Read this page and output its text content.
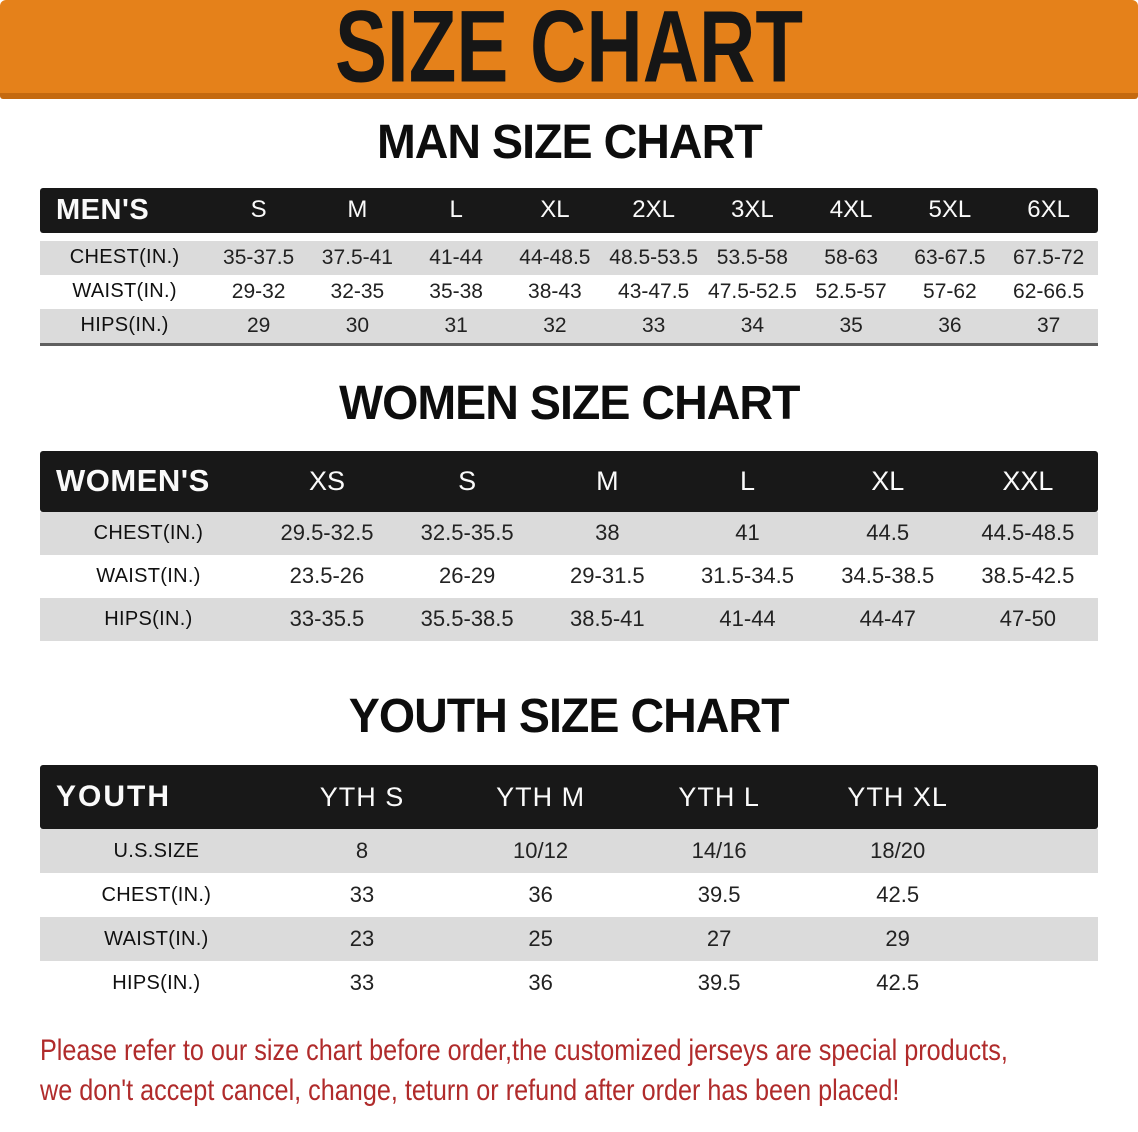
SIZE CHART
MAN SIZE CHART
MEN'S	S	M	L	XL	2XL	3XL	4XL	5XL	6XL
CHEST(IN.)	35-37.5	37.5-41	41-44	44-48.5 48.5-53.5 53.5-58	58-63	63-67.5	67.5-72
WAIST(IN.)	29-32	32-35	35-38	38-43	43-47.5 47.5-52.5 52.5-57	57-62	62-66.5
HIPS(IN.)	29	30	31	32	33	34	35	36	37
WOMEN SIZE CHART
WOMEN'S	XS	S	M	L	XL	XXL
CHEST(IN.)	29.5-32.5	32.5-35.5	38	41	44.5	44.5-48.5
WAIST(IN.)	23.5-26	26-29	29-31.5	31.5-34.5	34.5-38.5	38.5-42.5
HIPS(IN.)	33-35.5	35.5-38.5	38.5-41	41-44	44-47	47-50
YOUTH SIZE CHART
YOUTH	YTH S	YTH M	YTH L	YTH XL
U.S.SIZE	8	10/12	14/16	18/20
CHEST(IN.)	33	36	39.5	42.5
WAIST(IN.)	23	25	27	29
HIPS(IN.)	33	36	39.5	42.5
Please refer to our size chart before order,the customized jerseys are special products,
we don't accept cancel, change, teturn or refund after order has been placed!
